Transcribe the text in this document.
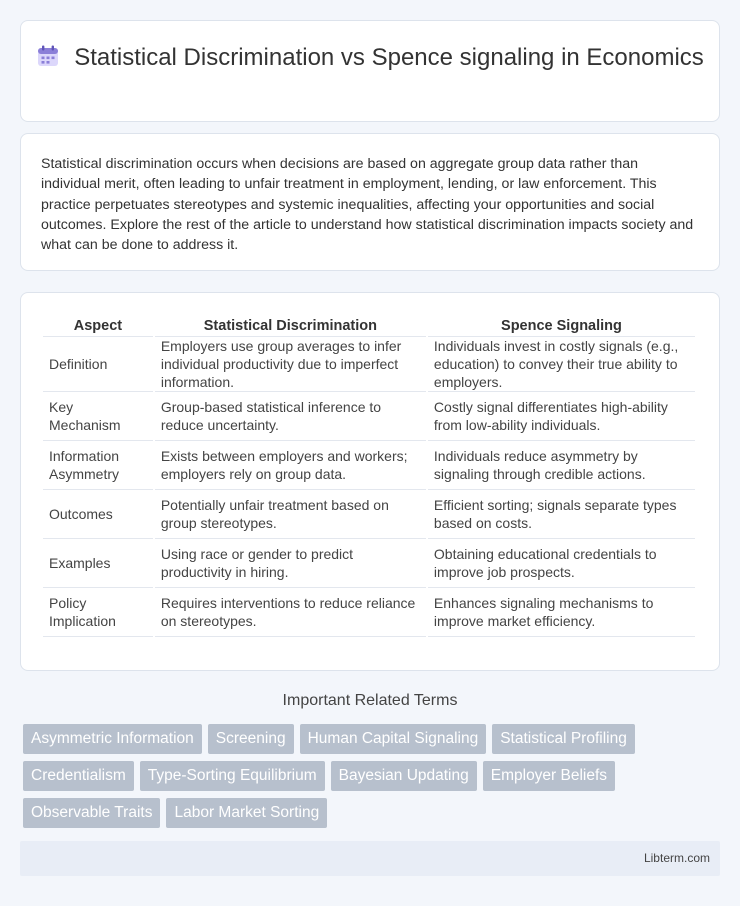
Statistical Discrimination vs Spence signaling in Economics

Statistical discrimination occurs when decisions are based on aggregate group data rather than individual merit, often leading to unfair treatment in employment, lending, or law enforcement. This practice perpetuates stereotypes and systemic inequalities, affecting your opportunities and social outcomes. Explore the rest of the article to understand how statistical discrimination impacts society and what can be done to address it.

Aspect	Statistical Discrimination	Spence Signaling
Definition	Employers use group averages to infer individual productivity due to imperfect information.	Individuals invest in costly signals (e.g., education) to convey their true ability to employers.
Key Mechanism	Group-based statistical inference to reduce uncertainty.	Costly signal differentiates high-ability from low-ability individuals.
Information Asymmetry	Exists between employers and workers; employers rely on group data.	Individuals reduce asymmetry by signaling through credible actions.
Outcomes	Potentially unfair treatment based on group stereotypes.	Efficient sorting; signals separate types based on costs.
Examples	Using race or gender to predict productivity in hiring.	Obtaining educational credentials to improve job prospects.
Policy Implication	Requires interventions to reduce reliance on stereotypes.	Enhances signaling mechanisms to improve market efficiency.
Important Related Terms
Asymmetric Information	Screening	Human Capital Signaling	Statistical Profiling
Credentialism	Type-Sorting Equilibrium	Bayesian Updating	Employer Beliefs
Observable Traits	Labor Market Sorting
Libterm.com
